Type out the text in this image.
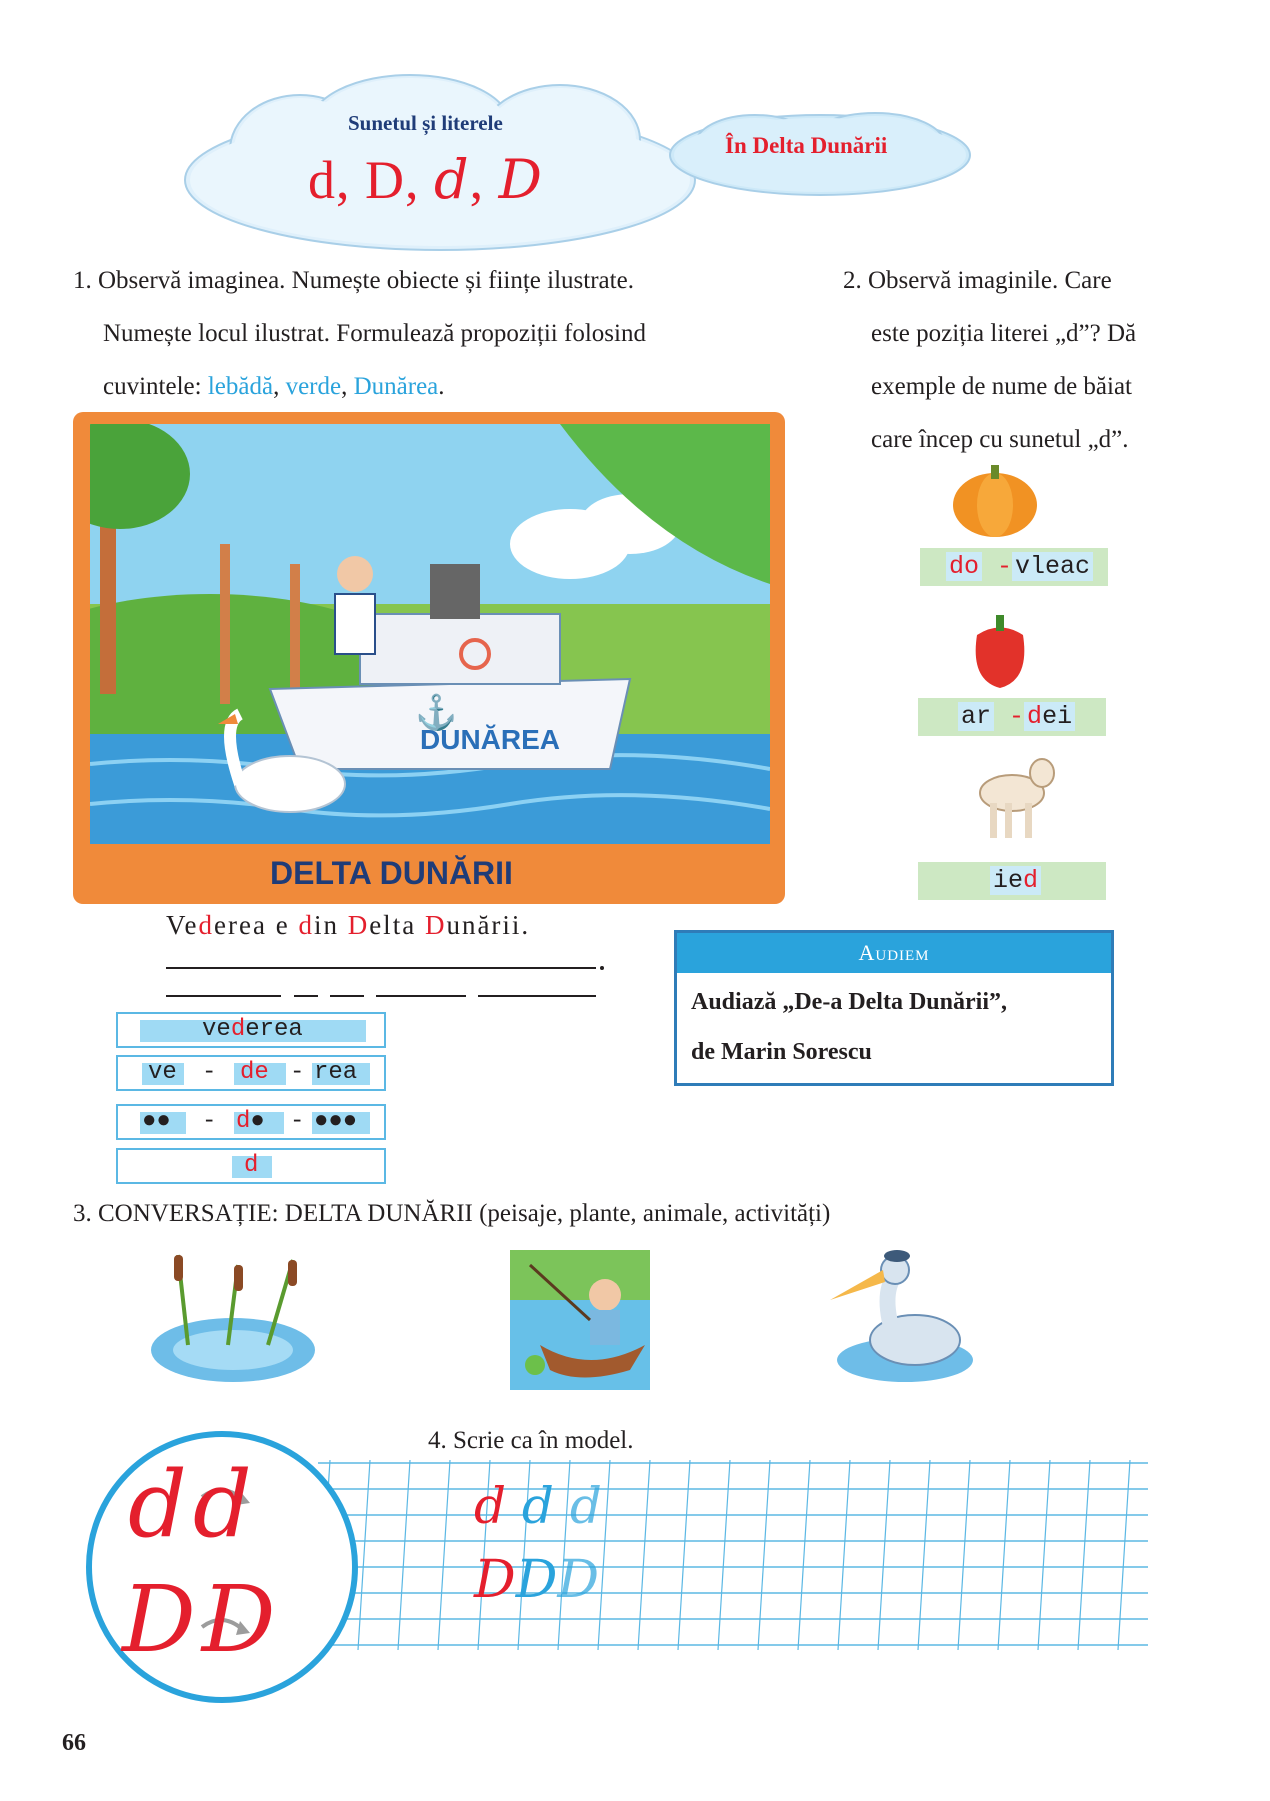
Sunetul și literele
d, D, d, D
În Delta Dunării
1. Observă imaginea. Numește obiecte și ființe ilustrate.
Numește locul ilustrat. Formulează propoziții folosind
cuvintele: lebădă, verde, Dunărea.
⚓
DUNĂREA
DELTA DUNĂRII
Vederea e din Delta Dunării.
vederea
ve - de - rea
●● - d● - ●●●
d
2. Observă imaginile. Care
este poziția literei „d”? Dă
exemple de nume de băiat
care încep cu sunetul „d”.
do - vleac
ar - dei
ied
Audiem
Audiază „De-a Delta Dunării”,
de Marin Sorescu
3. CONVERSAȚIE: DELTA DUNĂRII (peisaje, plante, animale, activități)
4. Scrie ca în model.
d d d
DDD
dd
DD
66
